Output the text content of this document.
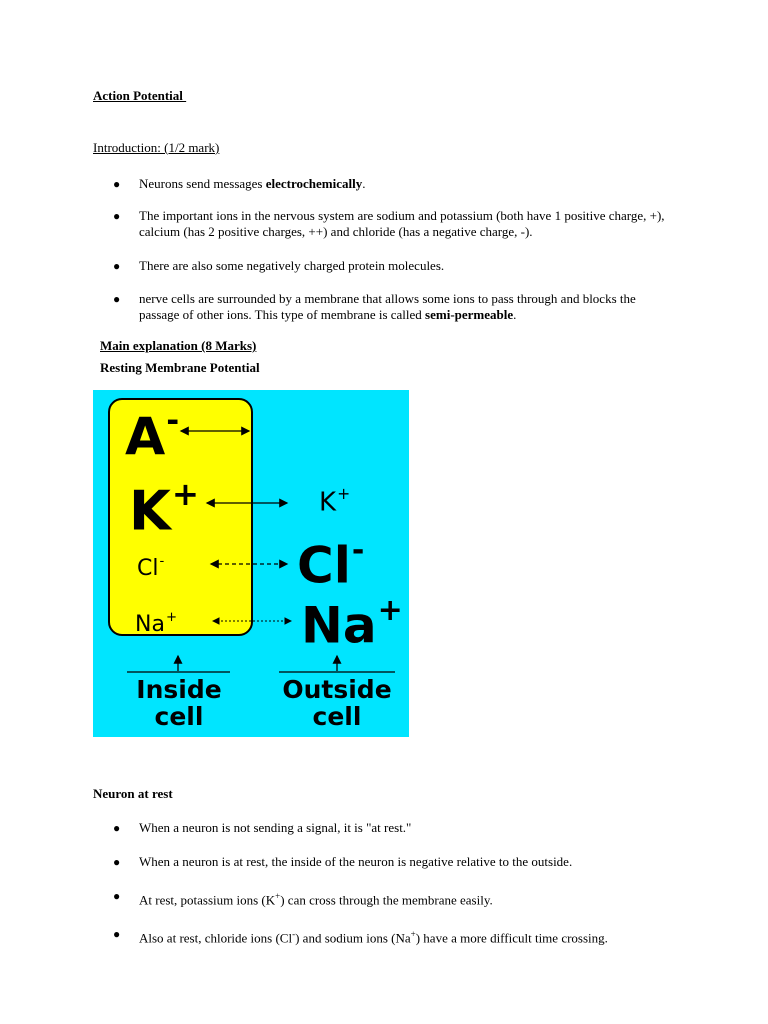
Action Potential
Introduction: (1/2 mark)
● Neurons send messages electrochemically.
● The important ions in the nervous system are sodium and potassium (both have 1 positive charge, +), calcium (has 2 positive charges, ++) and chloride (has a negative charge, -).
● There are also some negatively charged protein molecules.
● nerve cells are surrounded by a membrane that allows some ions to pass through and blocks the passage of other ions. This type of membrane is called semi-permeable.
Main explanation (8 Marks)
Resting Membrane Potential
A-
K+
Cl-
Na+
K+
Cl-
Na+
Inside
cell
Outside
cell
Neuron at rest
● When a neuron is not sending a signal, it is "at rest."
● When a neuron is at rest, the inside of the neuron is negative relative to the outside.
● At rest, potassium ions (K+) can cross through the membrane easily.
● Also at rest, chloride ions (Cl-) and sodium ions (Na+) have a more difficult time crossing.
